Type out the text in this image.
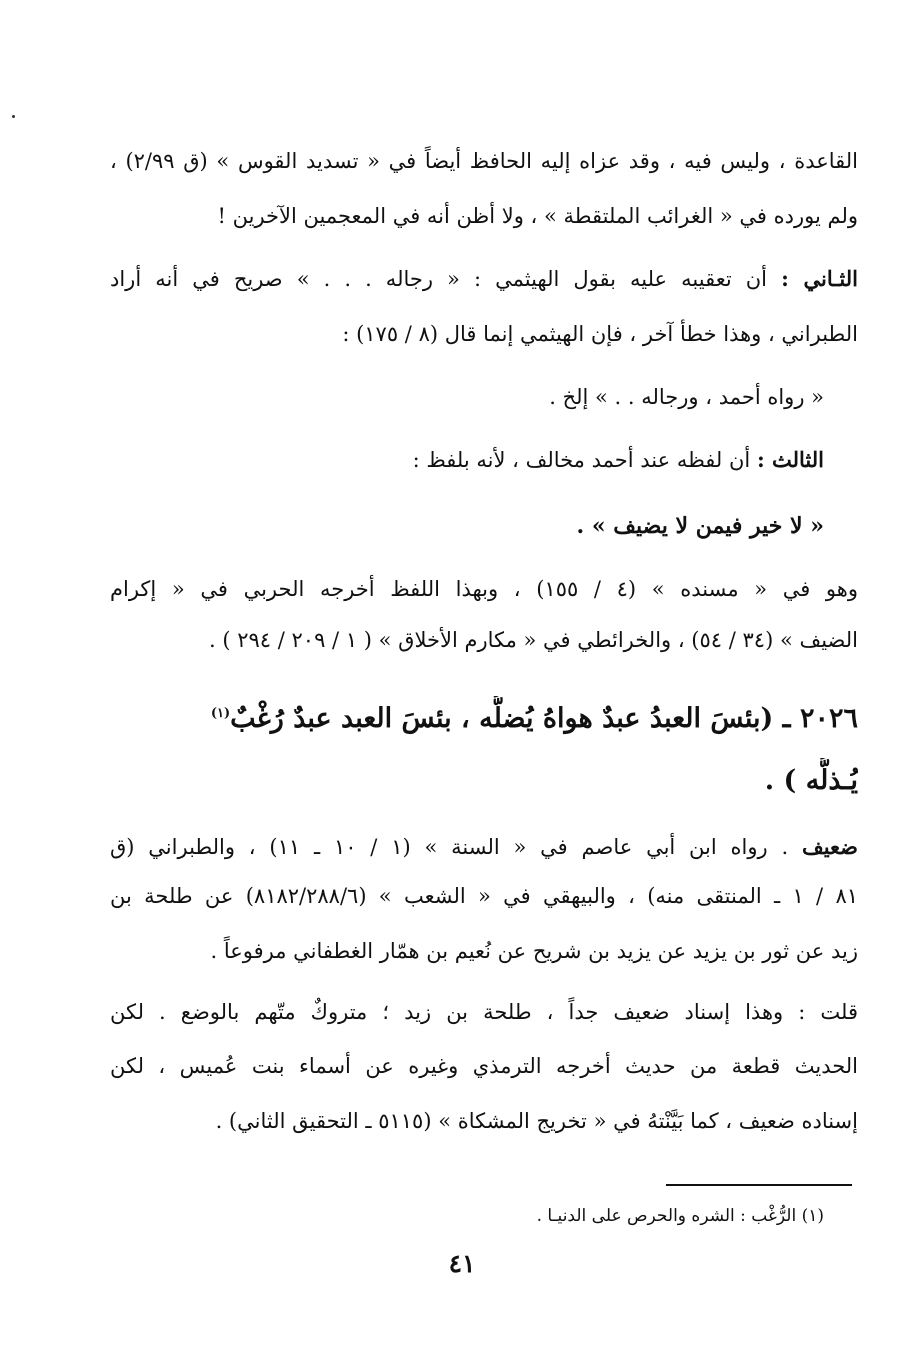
القاعدة ، وليس فيه ، وقد عزاه إليه الحافظ أيضاً في « تسديد القوس » (ق ٢/٩٩) ،
ولم يورده في « الغرائب الملتقطة » ، ولا أظن أنه في المعجمين الآخرين !
الثـاني : أن تعقيبه عليه بقول الهيثمي : « رجاله . . . » صريح في أنه أراد
الطبراني ، وهذا خطأ آخر ، فإن الهيثمي إنما قال (٨ / ١٧٥) :
« رواه أحمد ، ورجاله . . » إلخ .
الثالث : أن لفظه عند أحمد مخالف ، لأنه بلفظ :
« لا خير فيمن لا يضيف » .
وهو في « مسنده » (٤ / ١٥٥) ، وبهذا اللفظ أخرجه الحربي في « إكرام
الضيف » (٣٤ / ٥٤) ، والخرائطي في « مكارم الأخلاق » ( ١ / ٢٠٩ / ٢٩٤ ) .
٢٠٢٦ ـ (بئسَ العبدُ عبدٌ هواهُ يُضلُّه ، بئسَ العبد عبدٌ رُغْبٌ$^{(١)}$
يُـذلُّه ) .
ضعيف . رواه ابن أبي عاصم في « السنة » (١ / ١٠ ـ ١١) ، والطبراني (ق
٨١ / ١ ـ المنتقى منه) ، والبيهقي في « الشعب » (٨١٨٢/٢٨٨/٦) عن طلحة بن
زيد عن ثور بن يزيد عن يزيد بن شريح عن نُعيم بن همّار الغطفاني مرفوعاً .
قلت : وهذا إسناد ضعيف جداً ، طلحة بن زيد ؛ متروكٌ متّهم بالوضع . لكن
الحديث قطعة من حديث أخرجه الترمذي وغيره عن أسماء بنت عُميس ، لكن
إسناده ضعيف ، كما بَيَّنْتهُ في « تخريج المشكاة » (٥١١٥ ـ التحقيق الثاني) .
(١) الرُّغْب : الشره والحرص على الدنيـا .
٤١
